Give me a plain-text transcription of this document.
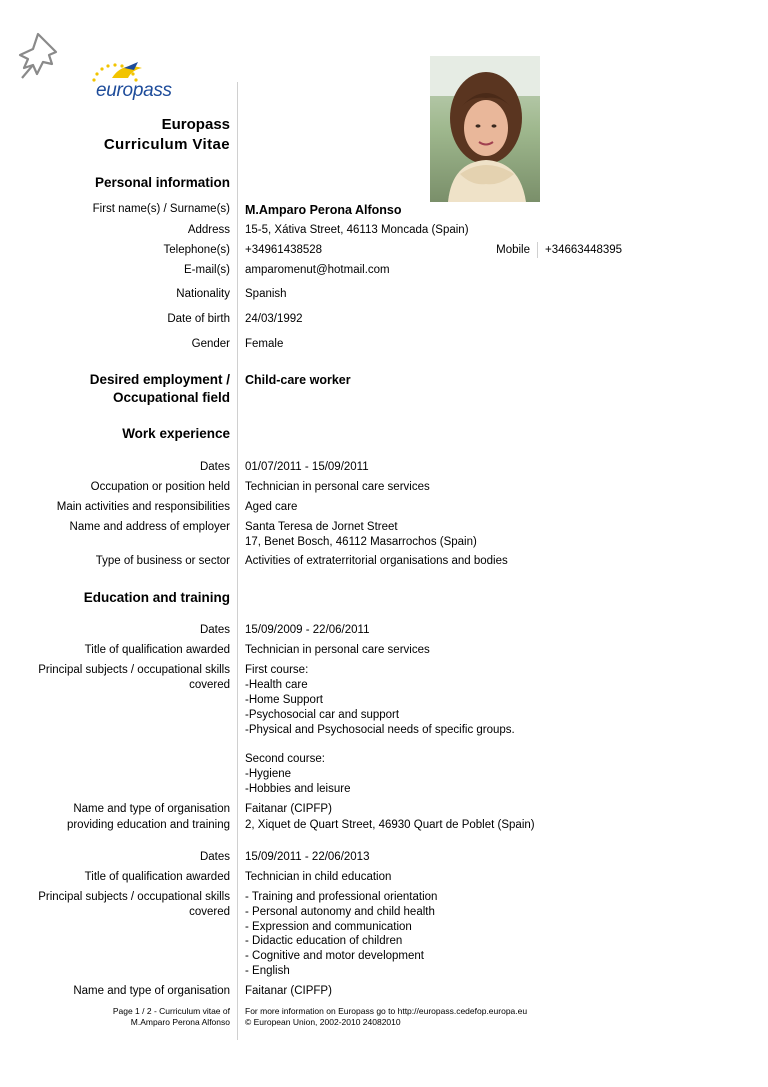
europass
Europass
Curriculum Vitae
Personal information
First name(s) / Surname(s) M.Amparo Perona Alfonso
Address 15-5, Xátiva Street, 46113 Moncada (Spain)
Telephone(s) +34961438528	Mobile +34663448395
E-mail(s) amparomenut@hotmail.com
Nationality Spanish
Date of birth 24/03/1992
Gender Female
Desired employment /
Occupational field
Child-care worker
Work experience
Dates 01/07/2011 - 15/09/2011
Occupation or position held Technician in personal care services
Main activities and responsibilities Aged care
Name and address of employer Santa Teresa de Jornet Street
17, Benet Bosch, 46112 Masarrochos (Spain)
Type of business or sector Activities of extraterritorial organisations and bodies
Education and training
Dates 15/09/2009 - 22/06/2011
Title of qualification awarded Technician in personal care services
Principal subjects / occupational skills
covered
First course:
-Health care
-Home Support
-Psychosocial car and support
-Physical and Psychosocial needs of specific groups.
Second course:
-Hygiene
-Hobbies and leisure
Name and type of organisation
providing education and training
Faitanar (CIPFP)
2, Xiquet de Quart Street, 46930 Quart de Poblet (Spain)
Dates 15/09/2011 - 22/06/2013
Title of qualification awarded Technician in child education
Principal subjects / occupational skills
covered
- Training and professional orientation
- Personal autonomy and child health
- Expression and communication
- Didactic education of children
- Cognitive and motor development
- English
Name and type of organisation Faitanar (CIPFP)
Page 1 / 2 - Curriculum vitae of
M.Amparo Perona Alfonso
For more information on Europass go to http://europass.cedefop.europa.eu
© European Union, 2002-2010 24082010
